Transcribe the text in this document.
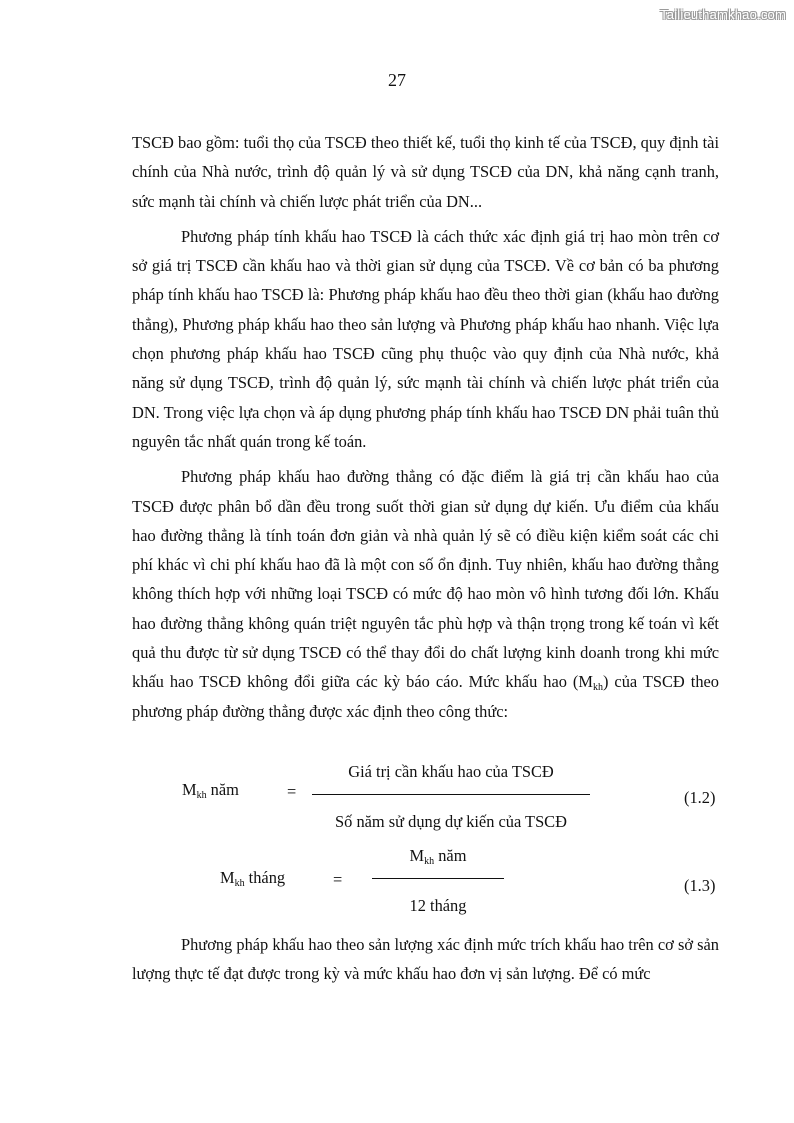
Tailieuthamkhao.com
27

TSCĐ bao gồm: tuổi thọ của TSCĐ theo thiết kế, tuổi thọ kinh tế của TSCĐ, quy định tài chính của Nhà nước, trình độ quản lý và sử dụng TSCĐ của DN, khả năng cạnh tranh, sức mạnh tài chính và chiến lược phát triển của DN...

Phương pháp tính khấu hao TSCĐ là cách thức xác định giá trị hao mòn trên cơ sở giá trị TSCĐ cần khấu hao và thời gian sử dụng của TSCĐ. Về cơ bản có ba phương pháp tính khấu hao TSCĐ là: Phương pháp khấu hao đều theo thời gian (khấu hao đường thẳng), Phương pháp khấu hao theo sản lượng và Phương pháp khấu hao nhanh. Việc lựa chọn phương pháp khấu hao TSCĐ cũng phụ thuộc vào quy định của Nhà nước, khả năng sử dụng TSCĐ, trình độ quản lý, sức mạnh tài chính và chiến lược phát triển của DN. Trong việc lựa chọn và áp dụng phương pháp tính khấu hao TSCĐ DN phải tuân thủ nguyên tắc nhất quán trong kế toán.

Phương pháp khấu hao đường thẳng có đặc điểm là giá trị cần khấu hao của TSCĐ được phân bổ dần đều trong suốt thời gian sử dụng dự kiến. Ưu điểm của khấu hao đường thẳng là tính toán đơn giản và nhà quản lý sẽ có điều kiện kiểm soát các chi phí khác vì chi phí khấu hao đã là một con số ổn định. Tuy nhiên, khấu hao đường thẳng không thích hợp với những loại TSCĐ có mức độ hao mòn vô hình tương đối lớn. Khấu hao đường thẳng không quán triệt nguyên tắc phù hợp và thận trọng trong kế toán vì kết quả thu được từ sử dụng TSCĐ có thể thay đổi do chất lượng kinh doanh trong khi mức khấu hao TSCĐ không đổi giữa các kỳ báo cáo. Mức khấu hao $(M_{kh})$ của TSCĐ theo phương pháp đường thẳng được xác định theo công thức:

$M_{kh}$ năm	=
Giá trị cần khấu hao của TSCĐ
Số năm sử dụng dự kiến của TSCĐ
(1.2)
$M_{kh}$ tháng	=
$M_{kh}$ năm
12 tháng
(1.3)

Phương pháp khấu hao theo sản lượng xác định mức trích khấu hao trên cơ sở sản lượng thực tế đạt được trong kỳ và mức khấu hao đơn vị sản lượng. Để có mức
